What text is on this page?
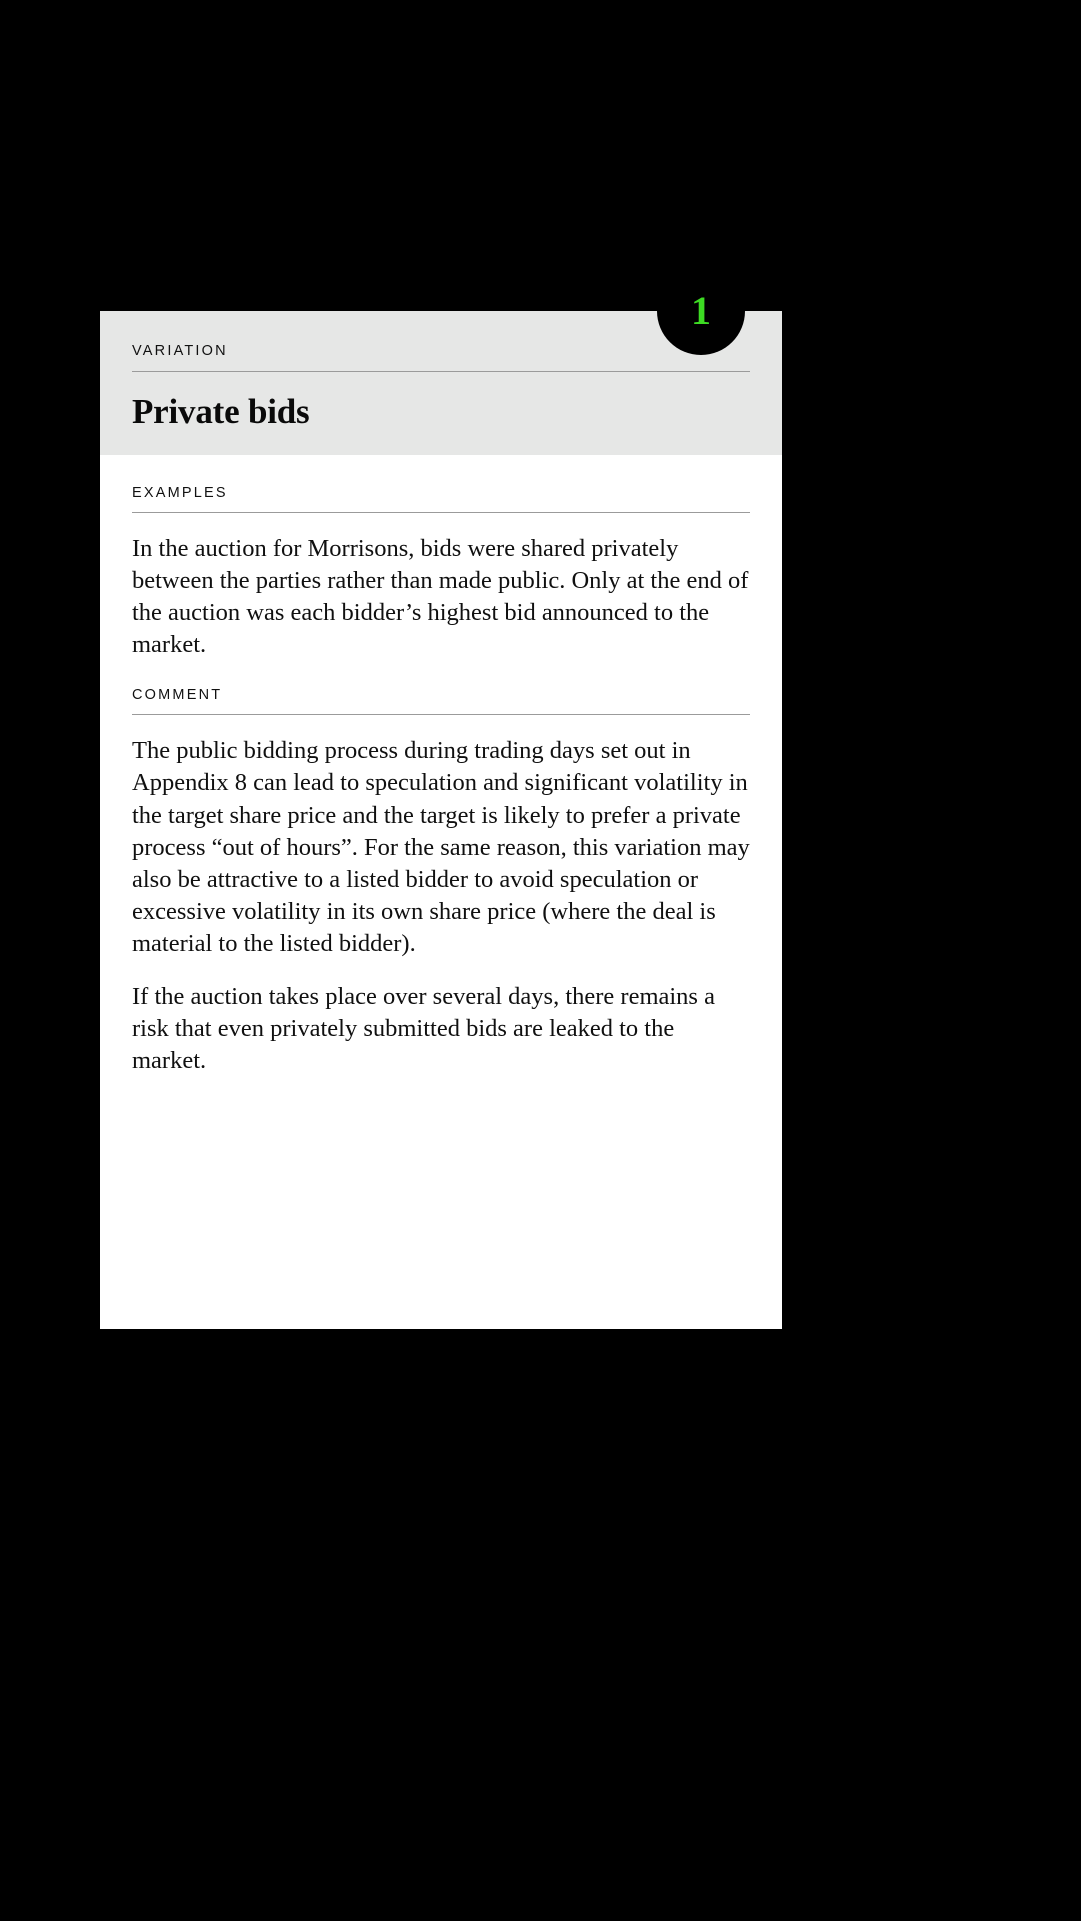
1
VARIATION
Private bids
EXAMPLES

In the auction for Morrisons, bids were shared privately between the parties rather than made public. Only at the end of the auction was each bidder’s highest bid announced to the market.

COMMENT

The public bidding process during trading days set out in Appendix 8 can lead to speculation and significant volatility in the target share price and the target is likely to prefer a private process “out of hours”. For the same reason, this variation may also be attractive to a listed bidder to avoid speculation or excessive volatility in its own share price (where the deal is material to the listed bidder).

If the auction takes place over several days, there remains a risk that even privately submitted bids are leaked to the market.
